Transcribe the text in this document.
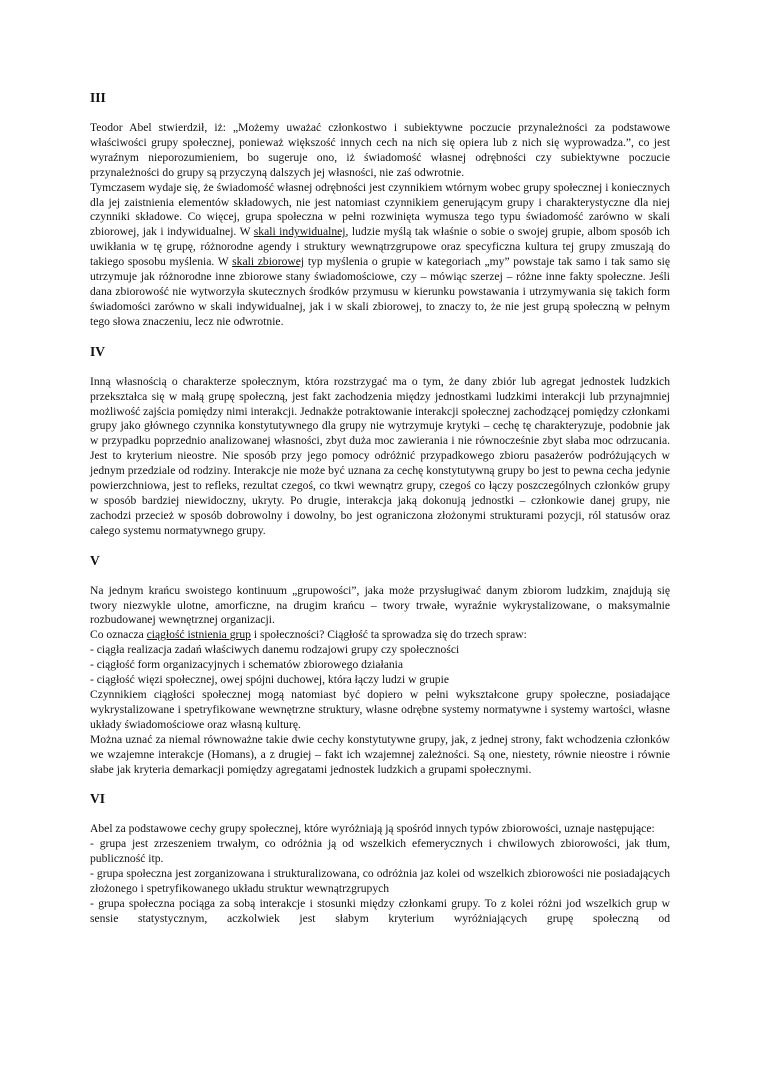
III

Teodor Abel stwierdził, iż: „Możemy uważać członkostwo i subiektywne poczucie przynależności za podstawowe właściwości grupy społecznej, ponieważ większość innych cech na nich się opiera lub z nich się wyprowadza.”, co jest wyraźnym nieporozumieniem, bo sugeruje ono, iż świadomość własnej odrębności czy subiektywne poczucie przynależności do grupy są przyczyną dalszych jej własności, nie zaś odwrotnie.

Tymczasem wydaje się, że świadomość własnej odrębności jest czynnikiem wtórnym wobec grupy społecznej i koniecznych dla jej zaistnienia elementów składowych, nie jest natomiast czynnikiem generującym grupy i charakterystyczne dla niej czynniki składowe. Co więcej, grupa społeczna w pełni rozwinięta wymusza tego typu świadomość zarówno w skali zbiorowej, jak i indywidualnej. W skali indywidualnej, ludzie myślą tak właśnie o sobie o swojej grupie, albom sposób ich uwikłania w tę grupę, różnorodne agendy i struktury wewnątrzgrupowe oraz specyficzna kultura tej grupy zmuszają do takiego sposobu myślenia. W skali zbiorowej typ myślenia o grupie w kategoriach „my” powstaje tak samo i tak samo się utrzymuje jak różnorodne inne zbiorowe stany świadomościowe, czy – mówiąc szerzej – różne inne fakty społeczne. Jeśli dana zbiorowość nie wytworzyła skutecznych środków przymusu w kierunku powstawania i utrzymywania się takich form świadomości zarówno w skali indywidualnej, jak i w skali zbiorowej, to znaczy to, że nie jest grupą społeczną w pełnym tego słowa znaczeniu, lecz nie odwrotnie.

IV

Inną własnością o charakterze społecznym, która rozstrzygać ma o tym, że dany zbiór lub agregat jednostek ludzkich przekształca się w małą grupę społeczną, jest fakt zachodzenia między jednostkami ludzkimi interakcji lub przynajmniej możliwość zajścia pomiędzy nimi interakcji. Jednakże potraktowanie interakcji społecznej zachodzącej pomiędzy członkami grupy jako głównego czynnika konstytutywnego dla grupy nie wytrzymuje krytyki – cechę tę charakteryzuje, podobnie jak w przypadku poprzednio analizowanej własności, zbyt duża moc zawierania i nie równocześnie zbyt słaba moc odrzucania. Jest to kryterium nieostre. Nie sposób przy jego pomocy odróżnić przypadkowego zbioru pasażerów podróżujących w jednym przedziale od rodziny. Interakcje nie może być uznana za cechę konstytutywną grupy bo jest to pewna cecha jedynie powierzchniowa, jest to refleks, rezultat czegoś, co tkwi wewnątrz grupy, czegoś co łączy poszczególnych członków grupy w sposób bardziej niewidoczny, ukryty. Po drugie, interakcja jaką dokonują jednostki – członkowie danej grupy, nie zachodzi przecież w sposób dobrowolny i dowolny, bo jest ograniczona złożonymi strukturami pozycji, ról statusów oraz całego systemu normatywnego grupy.

V

Na jednym krańcu swoistego kontinuum „grupowości”, jaka może przysługiwać danym zbiorom ludzkim, znajdują się twory niezwykle ulotne, amorficzne, na drugim krańcu – twory trwałe, wyraźnie wykrystalizowane, o maksymalnie rozbudowanej wewnętrznej organizacji.

Co oznacza ciągłość istnienia grup i społeczności? Ciągłość ta sprowadza się do trzech spraw:

- ciągła realizacja zadań właściwych danemu rodzajowi grupy czy społeczności

- ciągłość form organizacyjnych i schematów zbiorowego działania

- ciągłość więzi społecznej, owej spójni duchowej, która łączy ludzi w grupie

Czynnikiem ciągłości społecznej mogą natomiast być dopiero w pełni wykształcone grupy społeczne, posiadające wykrystalizowane i spetryfikowane wewnętrzne struktury, własne odrębne systemy normatywne i systemy wartości, własne układy świadomościowe oraz własną kulturę.

Można uznać za niemal równoważne takie dwie cechy konstytutywne grupy, jak, z jednej strony, fakt wchodzenia członków we wzajemne interakcje (Homans), a z drugiej – fakt ich wzajemnej zależności. Są one, niestety, równie nieostre i równie słabe jak kryteria demarkacji pomiędzy agregatami jednostek ludzkich a grupami społecznymi.

VI

Abel za podstawowe cechy grupy społecznej, które wyróżniają ją spośród innych typów zbiorowości, uznaje następujące:

- grupa jest zrzeszeniem trwałym, co odróżnia ją od wszelkich efemerycznych i chwilowych zbiorowości, jak tłum, publiczność itp.

- grupa społeczna jest zorganizowana i strukturalizowana, co odróżnia jaz kolei od wszelkich zbiorowości nie posiadających złożonego i spetryfikowanego układu struktur wewnątrzgrupych

- grupa społeczna pociąga za sobą interakcje i stosunki między członkami grupy. To z kolei różni jod wszelkich grup w sensie statystycznym, aczkolwiek jest słabym kryterium wyróżniających grupę społeczną od
